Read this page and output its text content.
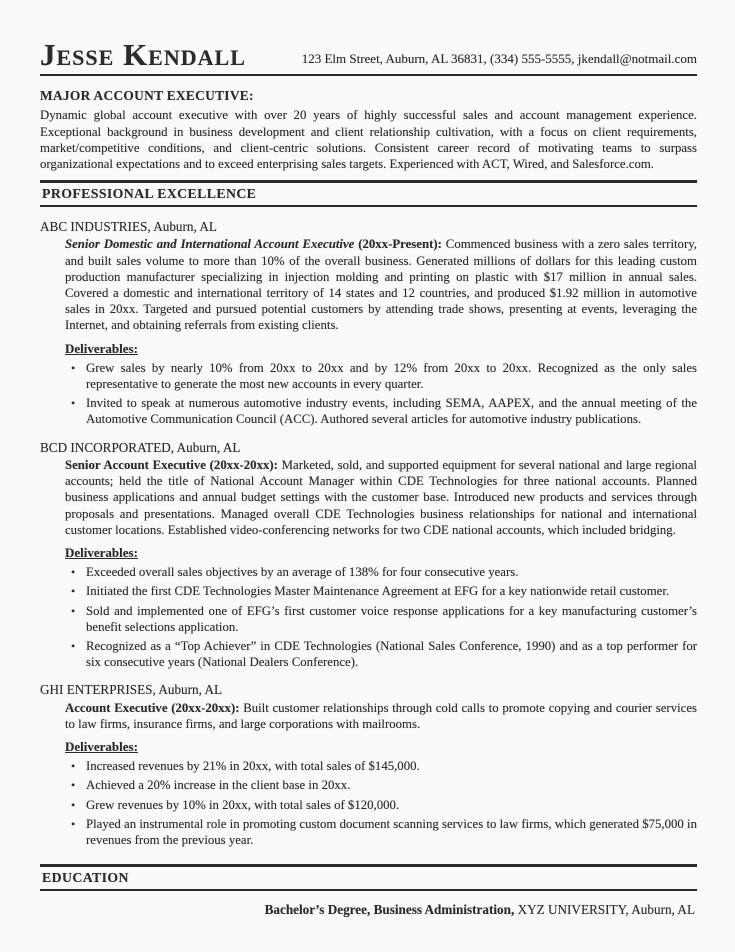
Jesse Kendall	123 Elm Street, Auburn, AL 36831, (334) 555-5555, jkendall@notmail.com
MAJOR ACCOUNT EXECUTIVE:

Dynamic global account executive with over 20 years of highly successful sales and account management experience. Exceptional background in business development and client relationship cultivation, with a focus on client requirements, market/competitive conditions, and client-centric solutions. Consistent career record of motivating teams to surpass organizational expectations and to exceed enterprising sales targets. Experienced with ACT, Wired, and Salesforce.com.

PROFESSIONAL EXCELLENCE
ABC INDUSTRIES, Auburn, AL

Senior Domestic and International Account Executive (20xx-Present): Commenced business with a zero sales territory, and built sales volume to more than 10% of the overall business. Generated millions of dollars for this leading custom production manufacturer specializing in injection molding and printing on plastic with $17 million in annual sales. Covered a domestic and international territory of 14 states and 12 countries, and produced $1.92 million in automotive sales in 20xx. Targeted and pursued potential customers by attending trade shows, presenting at events, leveraging the Internet, and obtaining referrals from existing clients.

Deliverables:
• Grew sales by nearly 10% from 20xx to 20xx and by 12% from 20xx to 20xx. Recognized as the only sales representative to generate the most new accounts in every quarter.
• Invited to speak at numerous automotive industry events, including SEMA, AAPEX, and the annual meeting of the Automotive Communication Council (ACC). Authored several articles for automotive industry publications.
BCD INCORPORATED, Auburn, AL

Senior Account Executive (20xx-20xx): Marketed, sold, and supported equipment for several national and large regional accounts; held the title of National Account Manager within CDE Technologies for three national accounts. Planned business applications and annual budget settings with the customer base. Introduced new products and services through proposals and presentations. Managed overall CDE Technologies business relationships for national and international customer locations. Established video-conferencing networks for two CDE national accounts, which included bridging.

Deliverables:
• Exceeded overall sales objectives by an average of 138% for four consecutive years.
• Initiated the first CDE Technologies Master Maintenance Agreement at EFG for a key nationwide retail customer.
• Sold and implemented one of EFG’s first customer voice response applications for a key manufacturing customer’s benefit selections application.
• Recognized as a “Top Achiever” in CDE Technologies (National Sales Conference, 1990) and as a top performer for six consecutive years (National Dealers Conference).
GHI ENTERPRISES, Auburn, AL

Account Executive (20xx-20xx): Built customer relationships through cold calls to promote copying and courier services to law firms, insurance firms, and large corporations with mailrooms.

Deliverables:
• Increased revenues by 21% in 20xx, with total sales of $145,000.
• Achieved a 20% increase in the client base in 20xx.
• Grew revenues by 10% in 20xx, with total sales of $120,000.
• Played an instrumental role in promoting custom document scanning services to law firms, which generated $75,000 in revenues from the previous year.
EDUCATION

Bachelor’s Degree, Business Administration, XYZ UNIVERSITY, Auburn, AL
